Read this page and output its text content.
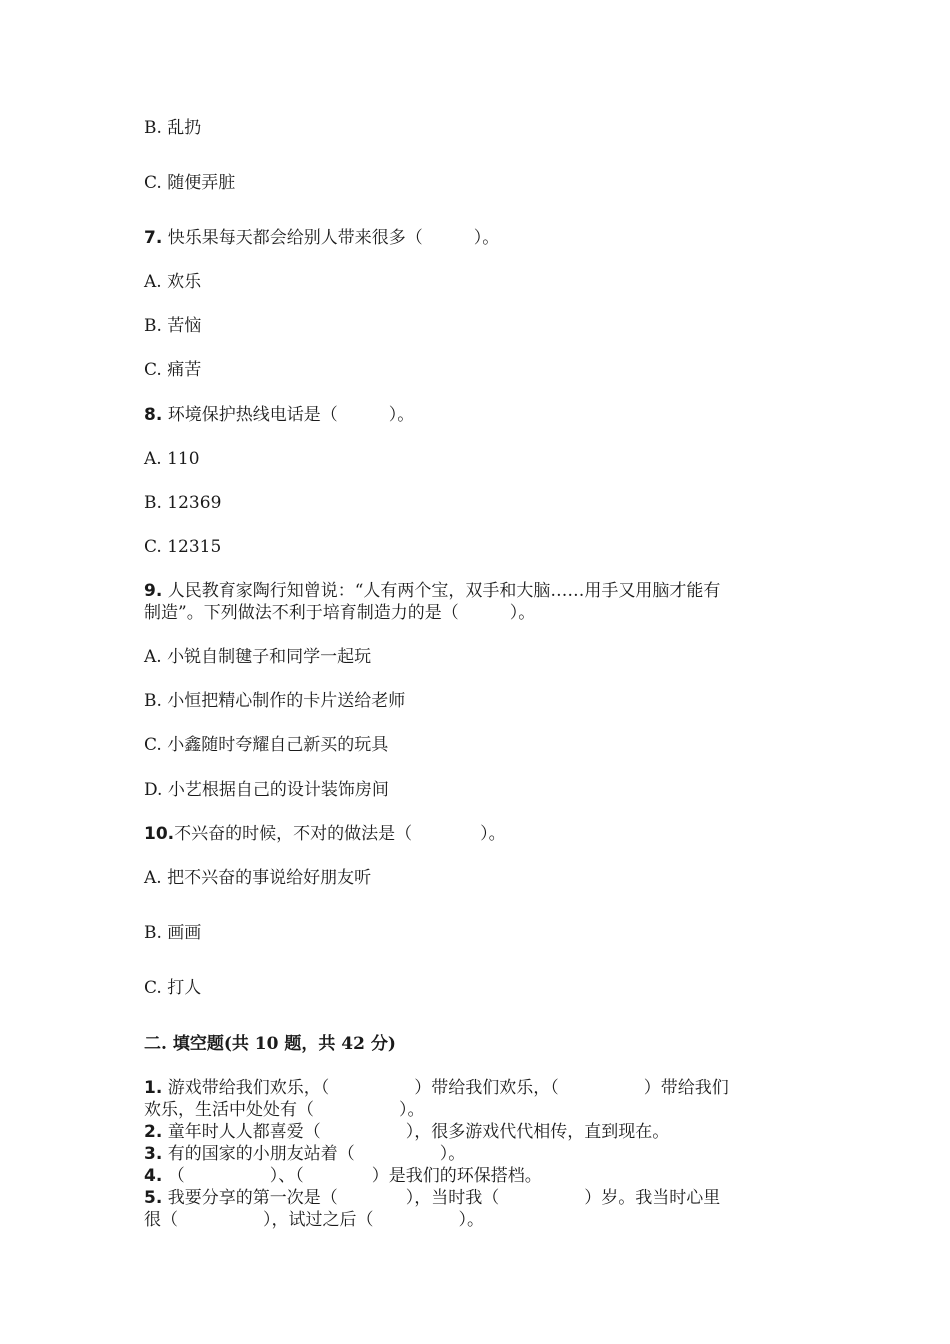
B. 乱扔
C. 随便弄脏
7. 快乐果每天都会给别人带来很多（　　　）。
A. 欢乐
B. 苦恼
C. 痛苦
8. 环境保护热线电话是（　　　）。
A. 110
B. 12369
C. 12315
9. 人民教育家陶行知曾说：“人有两个宝，双手和大脑……用手又用脑才能有
制造”。下列做法不利于培育制造力的是（　　　）。
A. 小锐自制毽子和同学一起玩
B. 小恒把精心制作的卡片送给老师
C. 小鑫随时夸耀自己新买的玩具
D. 小艺根据自己的设计装饰房间
10.不兴奋的时候，不对的做法是（　　　　）。
A. 把不兴奋的事说给好朋友听
B. 画画
C. 打人
二. 填空题(共 10 题，共 42 分)
1. 游戏带给我们欢乐，（　　　　　）带给我们欢乐，（　　　　　）带给我们
欢乐，生活中处处有（　　　　　）。
2. 童年时人人都喜爱（　　　　　），很多游戏代代相传，直到现在。
3. 有的国家的小朋友站着（　　　　　）。
4. （　　　　　）、（　　　　）是我们的环保搭档。
5. 我要分享的第一次是（　　　　），当时我（　　　　　）岁。我当时心里
很（　　　　　），试过之后（　　　　　）。
